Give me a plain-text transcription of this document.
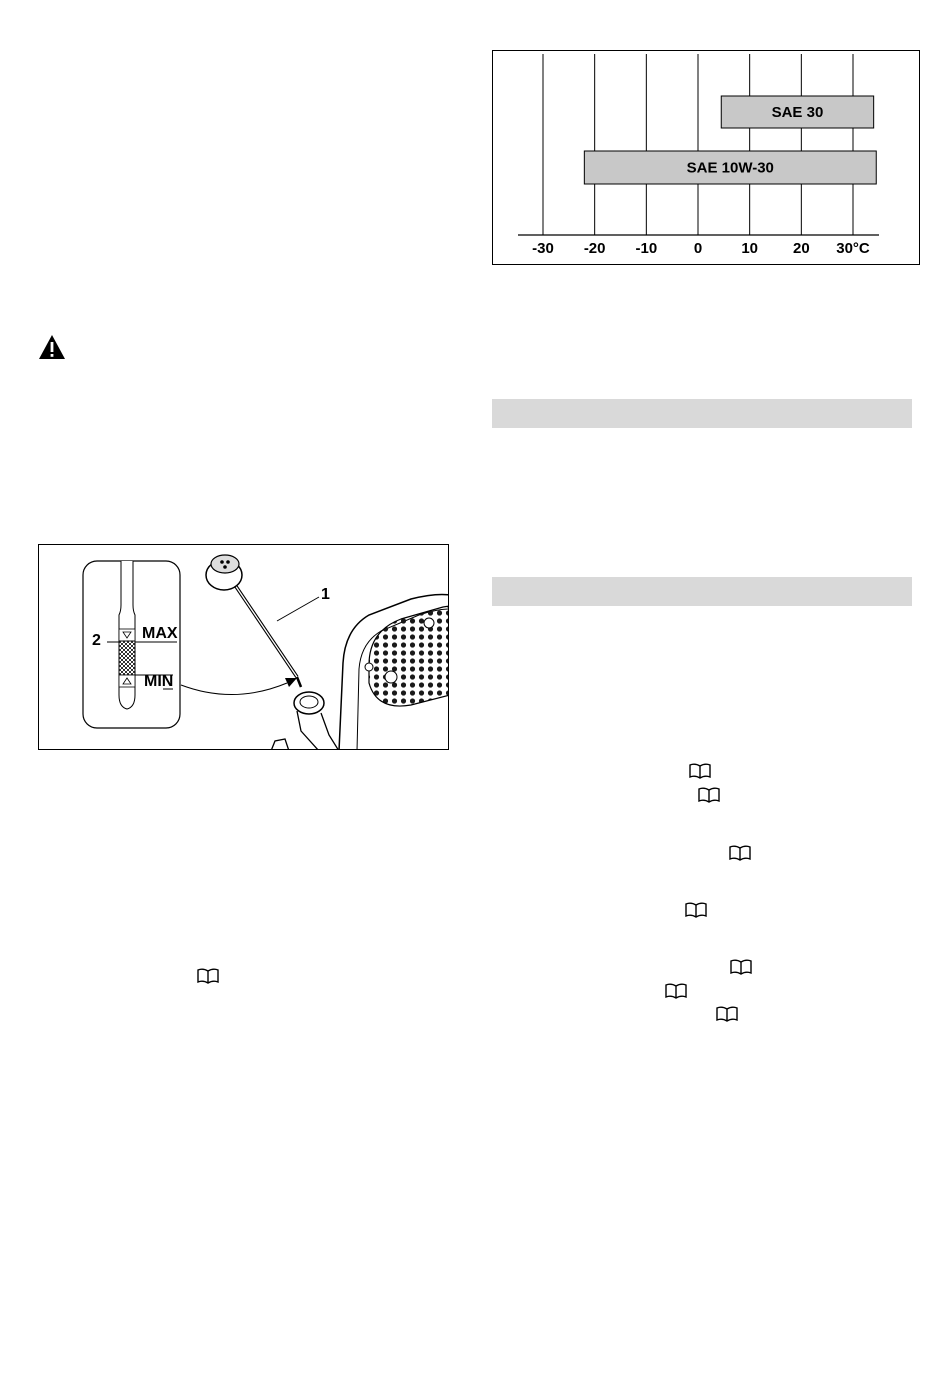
1
2	MAX
MIN
-30 -20 -10 0	10 20 30°C
SAE 30
SAE 10W-30
